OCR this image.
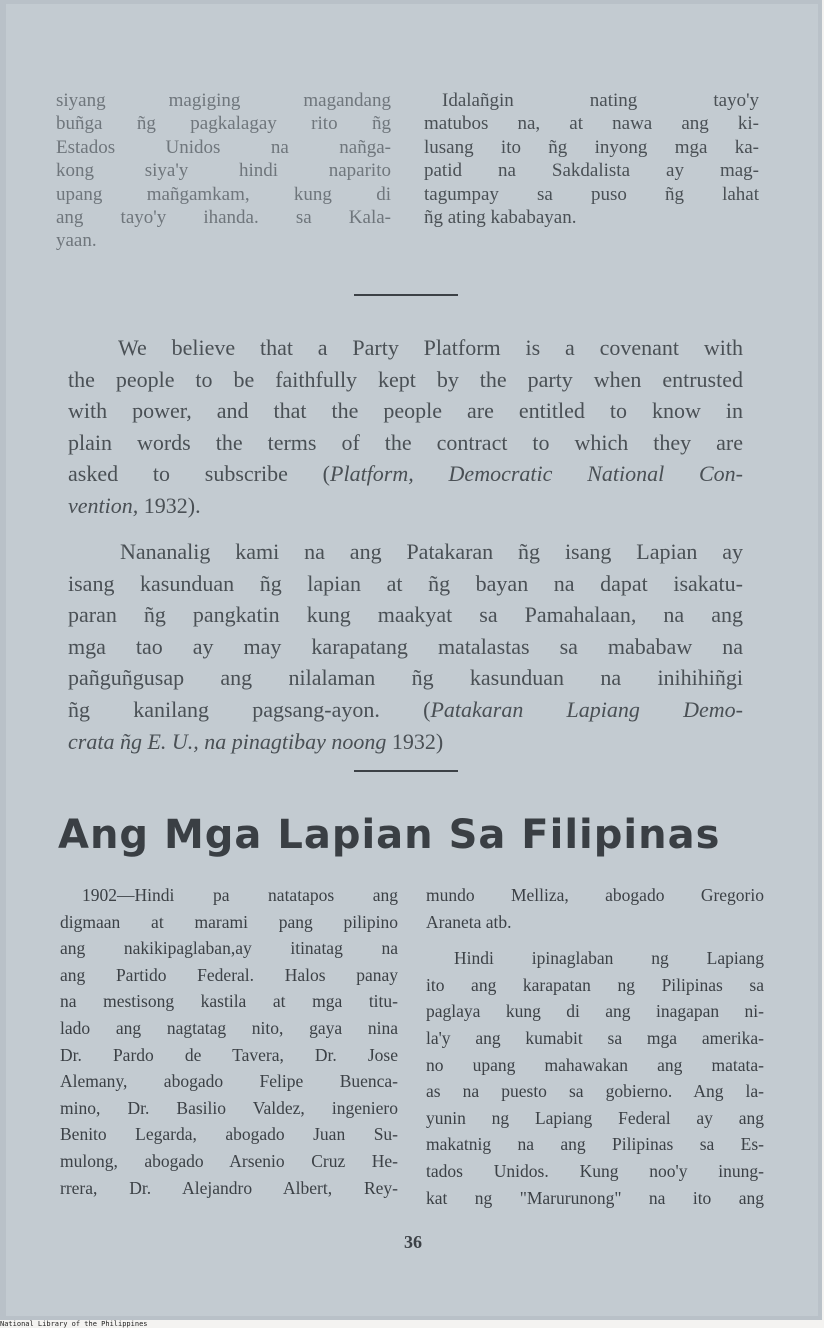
siyang magiging magandang
buñga ñg pagkalagay rito ñg
Estados Unidos na nañga-
kong siya'y hindi naparito
upang mañgamkam, kung di
ang tayo'y ihanda. sa Kala-
yaan.
Idalañgin nating tayo'y
matubos na, at nawa ang ki-
lusang ito ñg inyong mga ka-
patid na Sakdalista ay mag-
tagumpay sa puso ñg lahat
ñg ating kababayan.
We believe that a Party Platform is a covenant with
the people to be faithfully kept by the party when entrusted
with power, and that the people are entitled to know in
plain words the terms of the contract to which they are
asked to subscribe (Platform, Democratic National Con-
vention, 1932).
Nananalig kami na ang Patakaran ñg isang Lapian ay
isang kasunduan ñg lapian at ñg bayan na dapat isakatu-
paran ñg pangkatin kung maakyat sa Pamahalaan, na ang
mga tao ay may karapatang matalastas sa mababaw na
pañguñgusap ang nilalaman ñg kasunduan na inihihiñgi
ñg kanilang pagsang-ayon. (Patakaran Lapiang Demo-
crata ñg E. U., na pinagtibay noong 1932)
Ang Mga Lapian Sa Filipinas
1902—Hindi pa natatapos ang
digmaan at marami pang pilipino
ang nakikipaglaban,ay itinatag na
ang Partido Federal. Halos panay
na mestisong kastila at mga titu-
lado ang nagtatag nito, gaya nina
Dr. Pardo de Tavera, Dr. Jose
Alemany, abogado Felipe Buenca-
mino, Dr. Basilio Valdez, ingeniero
Benito Legarda, abogado Juan Su-
mulong, abogado Arsenio Cruz He-
rrera, Dr. Alejandro Albert, Rey-
mundo Melliza, abogado Gregorio
Araneta atb.
Hindi ipinaglaban ng Lapiang
ito ang karapatan ng Pilipinas sa
paglaya kung di ang inagapan ni-
la'y ang kumabit sa mga amerika-
no upang mahawakan ang matata-
as na puesto sa gobierno. Ang la-
yunin ng Lapiang Federal ay ang
makatnig na ang Pilipinas sa Es-
tados Unidos. Kung noo'y inung-
kat ng "Marurunong" na ito ang
36
National Library of the Philippines
